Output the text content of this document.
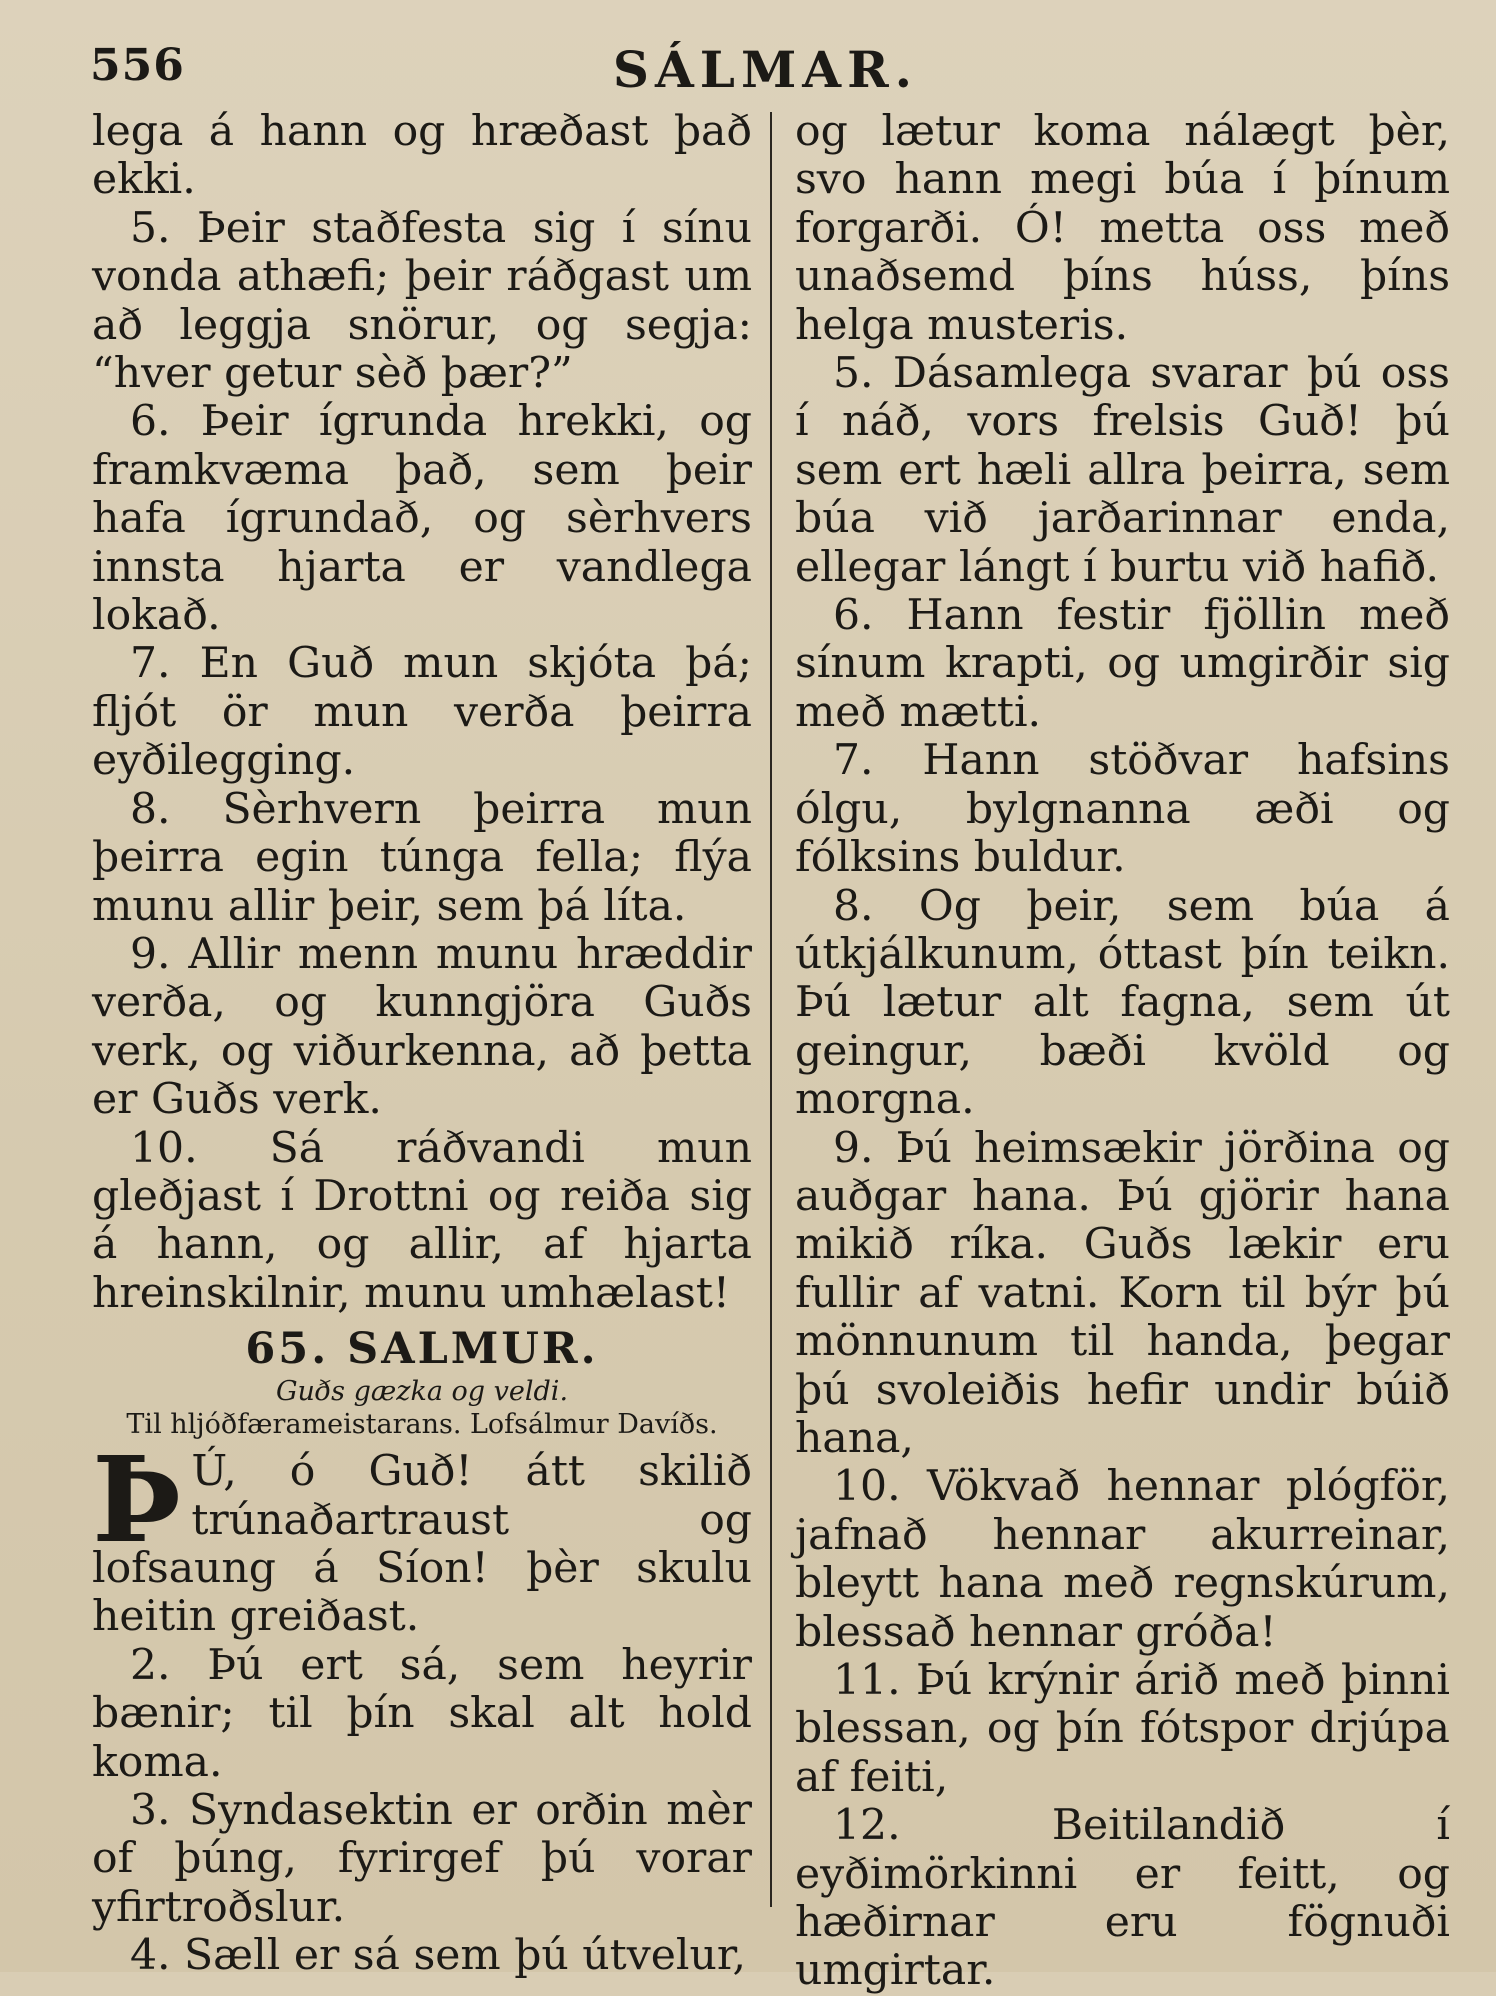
556	SÁLMAR.

lega á hann og hræðast það ekki.

5. Þeir staðfesta sig í sínu vonda athæfi; þeir ráðgast um að leggja snörur, og segja: “hver getur sèð þær?”

6. Þeir ígrunda hrekki, og framkvæma það, sem þeir hafa ígrundað, og sèrhvers innsta hjarta er vandlega lokað.

7. En Guð mun skjóta þá; fljót ör mun verða þeirra eyðilegging.

8. Sèrhvern þeirra mun þeirra egin túnga fella; flýa munu allir þeir, sem þá líta.

9. Allir menn munu hræddir verða, og kunngjöra Guðs verk, og viðurkenna, að þetta er Guðs verk.

10. Sá ráðvandi mun gleðjast í Drottni og reiða sig á hann, og allir, af hjarta hreinskilnir, munu umhælast!

65. SALMUR.

Guðs gæzka og veldi.

Til hljóðfærameistarans. Lofsálmur Davíðs.

Þ Ú, ó Guð! átt skilið trúnaðartraust og lofsaung á Síon! þèr skulu heitin greiðast.

2. Þú ert sá, sem heyrir bænir; til þín skal alt hold koma.

3. Syndasektin er orðin mèr of þúng, fyrirgef þú vorar yfirtroðslur.

4. Sæll er sá sem þú útvelur,

og lætur koma nálægt þèr, svo hann megi búa í þínum forgarði. Ó! metta oss með unaðsemd þíns húss, þíns helga musteris.

5. Dásamlega svarar þú oss í náð, vors frelsis Guð! þú sem ert hæli allra þeirra, sem búa við jarðarinnar enda, ellegar lángt í burtu við hafið.

6. Hann festir fjöllin með sínum krapti, og umgirðir sig með mætti.

7. Hann stöðvar hafsins ólgu, bylgnanna æði og fólksins buldur.

8. Og þeir, sem búa á útkjálkunum, óttast þín teikn. Þú lætur alt fagna, sem út geingur, bæði kvöld og morgna.

9. Þú heimsækir jörðina og auðgar hana. Þú gjörir hana mikið ríka. Guðs lækir eru fullir af vatni. Korn til býr þú mönnunum til handa, þegar þú svoleiðis hefir undir búið hana,

10. Vökvað hennar plógför, jafnað hennar akurreinar, bleytt hana með regnskúrum, blessað hennar gróða!

11. Þú krýnir árið með þinni blessan, og þín fótspor drjúpa af feiti,

12. Beitilandið í eyðimörkinni er feitt, og hæðirnar eru fögnuði umgirtar.
